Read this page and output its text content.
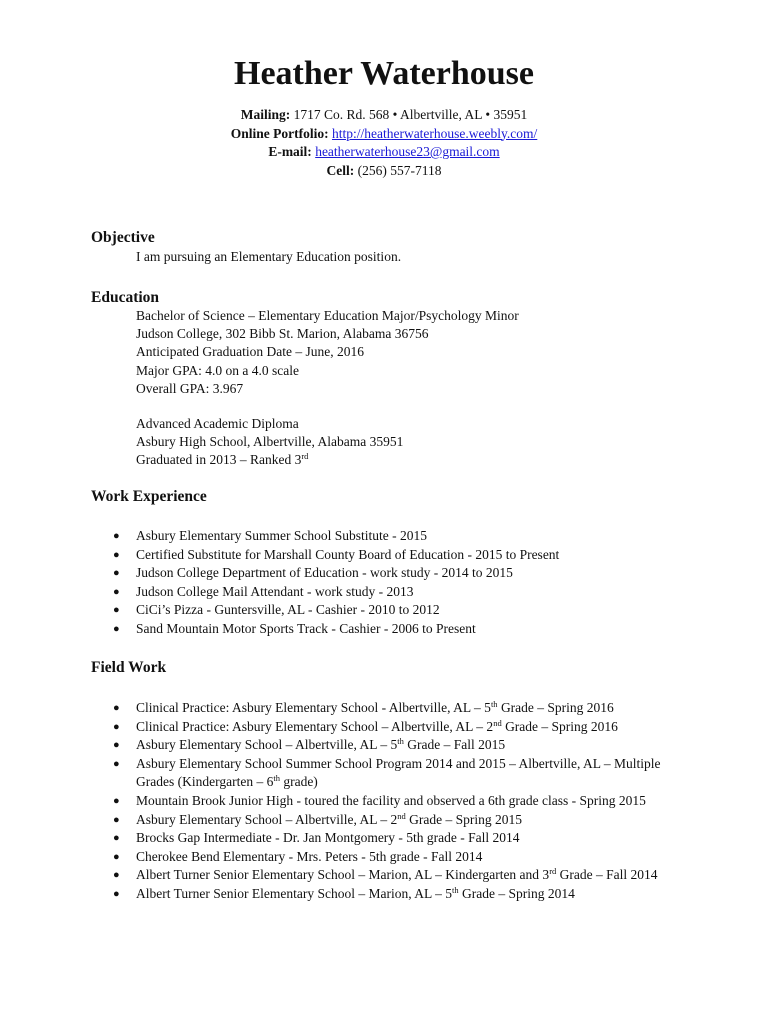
Heather Waterhouse
Mailing: 1717 Co. Rd. 568 • Albertville, AL • 35951
Online Portfolio: http://heatherwaterhouse.weebly.com/
E-mail: heatherwaterhouse23@gmail.com
Cell: (256) 557-7118
Objective
I am pursuing an Elementary Education position.
Education
Bachelor of Science – Elementary Education Major/Psychology Minor
Judson College, 302 Bibb St. Marion, Alabama 36756
Anticipated Graduation Date – June, 2016
Major GPA: 4.0 on a 4.0 scale
Overall GPA: 3.967
Advanced Academic Diploma
Asbury High School, Albertville, Alabama 35951
Graduated in 2013 – Ranked 3rd
Work Experience
● Asbury Elementary Summer School Substitute - 2015
● Certified Substitute for Marshall County Board of Education - 2015 to Present
● Judson College Department of Education - work study - 2014 to 2015
● Judson College Mail Attendant - work study - 2013
● CiCi’s Pizza - Guntersville, AL - Cashier - 2010 to 2012
● Sand Mountain Motor Sports Track - Cashier - 2006 to Present
Field Work
● Clinical Practice: Asbury Elementary School - Albertville, AL – 5th Grade – Spring 2016
● Clinical Practice: Asbury Elementary School – Albertville, AL – 2nd Grade – Spring 2016
● Asbury Elementary School – Albertville, AL – 5th Grade – Fall 2015
● Asbury Elementary School Summer School Program 2014 and 2015 – Albertville, AL – Multiple Grades (Kindergarten – 6th grade)
● Mountain Brook Junior High - toured the facility and observed a 6th grade class - Spring 2015
● Asbury Elementary School – Albertville, AL – 2nd Grade – Spring 2015
● Brocks Gap Intermediate - Dr. Jan Montgomery - 5th grade - Fall 2014
● Cherokee Bend Elementary - Mrs. Peters - 5th grade - Fall 2014
● Albert Turner Senior Elementary School – Marion, AL – Kindergarten and 3rd Grade – Fall 2014
● Albert Turner Senior Elementary School – Marion, AL – 5th Grade – Spring 2014
